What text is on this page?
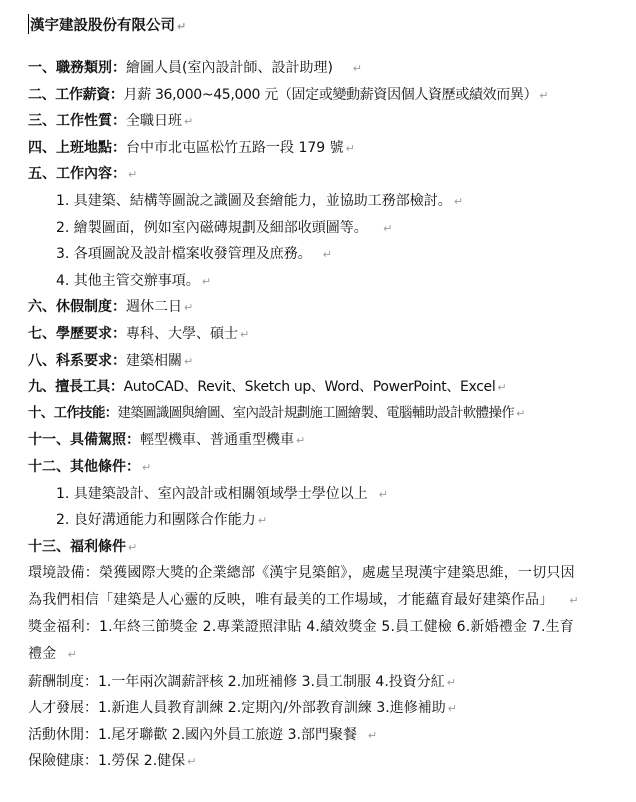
漢宇建設股份有限公司 ↵
一、職務類別：繪圖人員(室內設計師、設計助理) ↵
二、工作薪資：月薪 36,000~45,000 元（固定或變動薪資因個人資歷或績效而異） ↵
三、工作性質：全職日班 ↵
四、上班地點：台中市北屯區松竹五路一段 179 號 ↵
五、工作內容： ↵
1. 具建築、結構等圖說之識圖及套繪能力，並協助工務部檢討。 ↵
2. 繪製圖面，例如室內磁磚規劃及細部收頭圖等。 ↵
3. 各項圖說及設計檔案收發管理及庶務。 ↵
4. 其他主管交辦事項。 ↵
六、休假制度：週休二日 ↵
七、學歷要求：專科、大學、碩士 ↵
八、科系要求：建築相關 ↵
九、擅長工具：AutoCAD、Revit、Sketch up、Word、PowerPoint、Excel ↵
十、工作技能：建築圖識圖與繪圖、室內設計規劃施工圖繪製、電腦輔助設計軟體操作 ↵
十一、具備駕照：輕型機車、普通重型機車 ↵
十二、其他條件： ↵
1. 具建築設計、室內設計或相關領域學士學位以上 ↵
2. 良好溝通能力和團隊合作能力 ↵
十三、福利條件 ↵
環境設備：榮獲國際大獎的企業總部《漢宇見築館》，處處呈現漢宇建築思維，一切只因為我們相信「建築是人心靈的反映，唯有最美的工作場域，才能蘊育最好建築作品」 ↵
獎金福利：1.年終三節獎金 2.專業證照津貼 4.績效獎金 5.員工健檢 6.新婚禮金 7.生育禮金 ↵
薪酬制度：1.一年兩次調薪評核 2.加班補修 3.員工制服 4.投資分紅 ↵
人才發展：1.新進人員教育訓練 2.定期內/外部教育訓練 3.進修補助 ↵
活動休閒：1.尾牙聯歡 2.國內外員工旅遊 3.部門聚餐 ↵
保險健康：1.勞保 2.健保 ↵
